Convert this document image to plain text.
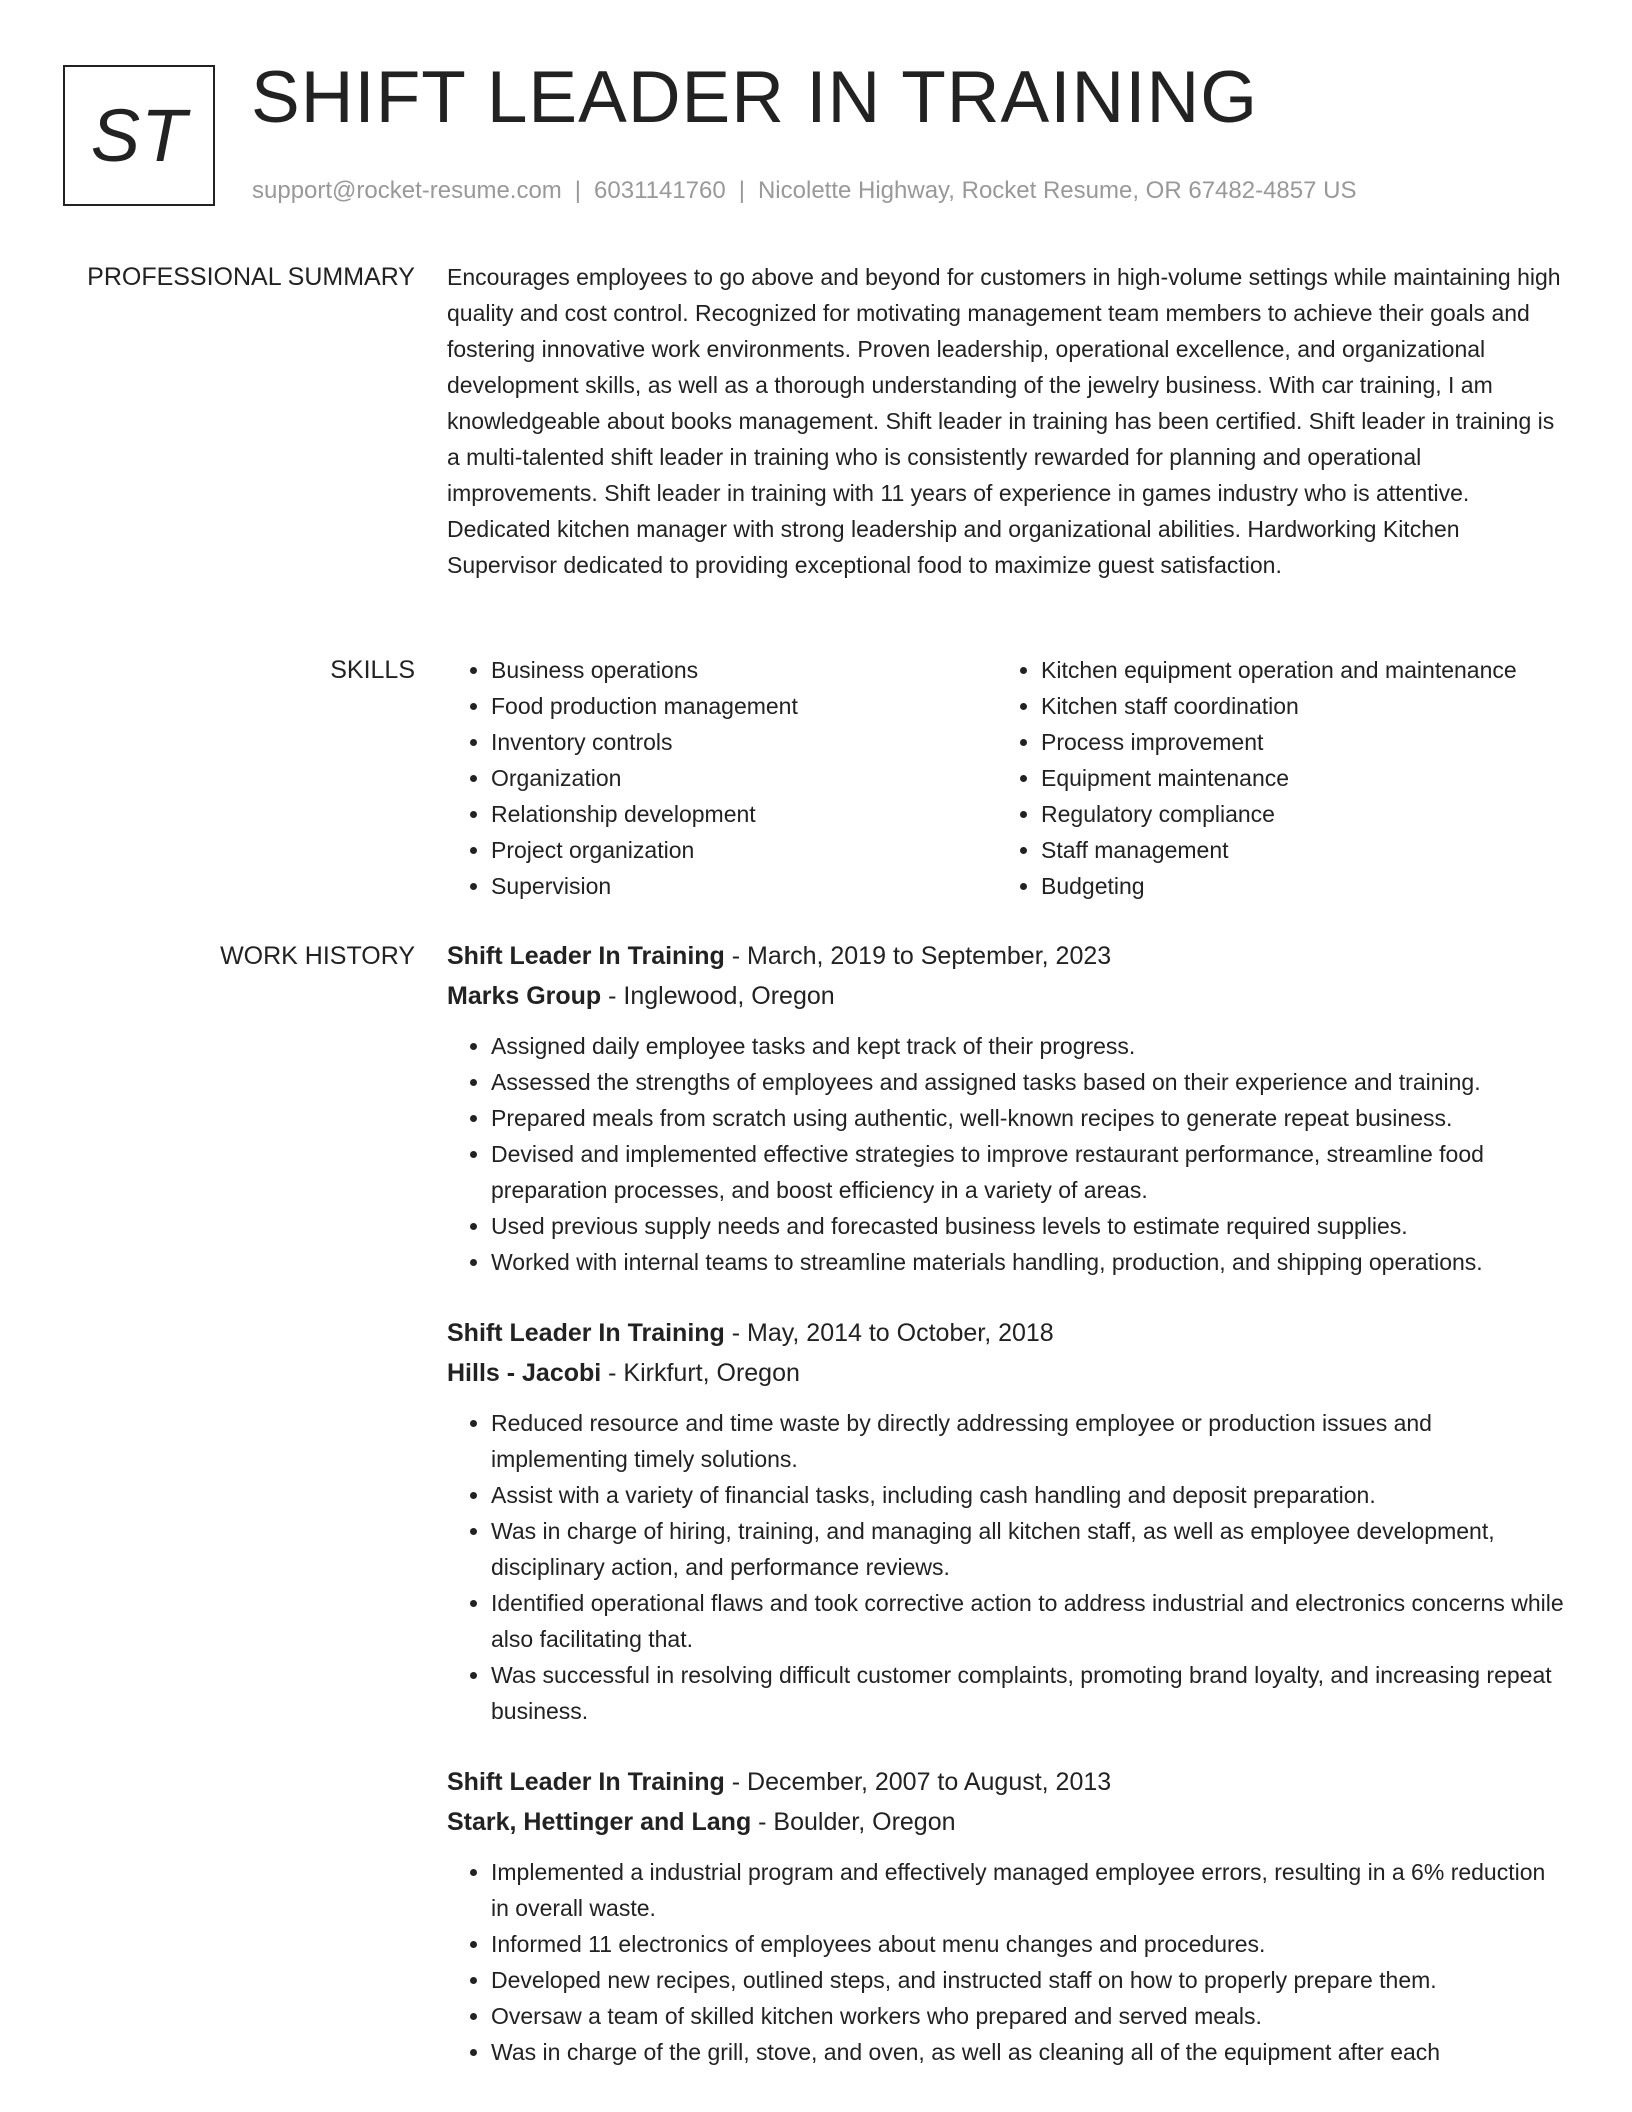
ST SHIFT LEADER IN TRAINING
support@rocket-resume.com | 6031141760 | Nicolette Highway, Rocket Resume, OR 67482-4857 US
PROFESSIONAL SUMMARY Encourages employees to go above and beyond for customers in high-volume settings while maintaining high quality and cost control. Recognized for motivating management team members to achieve their goals and fostering innovative work environments. Proven leadership, operational excellence, and organizational development skills, as well as a thorough understanding of the jewelry business. With car training, I am knowledgeable about books management. Shift leader in training has been certified. Shift leader in training is a multi-talented shift leader in training who is consistently rewarded for planning and operational improvements. Shift leader in training with 11 years of experience in games industry who is attentive. Dedicated kitchen manager with strong leadership and organizational abilities. Hardworking Kitchen Supervisor dedicated to providing exceptional food to maximize guest satisfaction.

SKILLS
•	Business operations
• Food production management
• Inventory controls
• Organization
• Relationship development
• Project organization
• Supervision
• Kitchen equipment operation and maintenance
• Kitchen staff coordination
• Process improvement
• Equipment maintenance
• Regulatory compliance
• Staff management
• Budgeting
WORK HISTORY Shift Leader In Training - March, 2019 to September, 2023
Marks Group - Inglewood, Oregon
• Assigned daily employee tasks and kept track of their progress.
• Assessed the strengths of employees and assigned tasks based on their experience and training.
• Prepared meals from scratch using authentic, well-known recipes to generate repeat business.
• Devised and implemented effective strategies to improve restaurant performance, streamline food preparation processes, and boost efficiency in a variety of areas.
• Used previous supply needs and forecasted business levels to estimate required supplies.
• Worked with internal teams to streamline materials handling, production, and shipping operations.
Shift Leader In Training - May, 2014 to October, 2018
Hills - Jacobi - Kirkfurt, Oregon
• Reduced resource and time waste by directly addressing employee or production issues and implementing timely solutions.
• Assist with a variety of financial tasks, including cash handling and deposit preparation.
• Was in charge of hiring, training, and managing all kitchen staff, as well as employee development, disciplinary action, and performance reviews.
• Identified operational flaws and took corrective action to address industrial and electronics concerns while also facilitating that.
• Was successful in resolving difficult customer complaints, promoting brand loyalty, and increasing repeat business.
Shift Leader In Training - December, 2007 to August, 2013
Stark, Hettinger and Lang - Boulder, Oregon
• Implemented a industrial program and effectively managed employee errors, resulting in a 6% reduction in overall waste.
• Informed 11 electronics of employees about menu changes and procedures.
• Developed new recipes, outlined steps, and instructed staff on how to properly prepare them.
• Oversaw a team of skilled kitchen workers who prepared and served meals.
• Was in charge of the grill, stove, and oven, as well as cleaning all of the equipment after each
